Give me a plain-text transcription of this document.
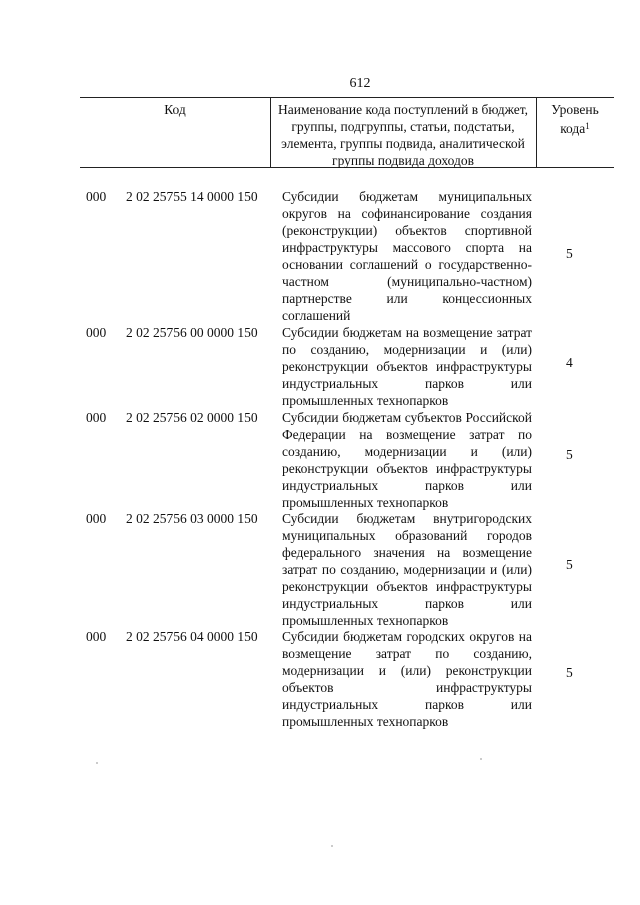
612
Код	Наименование кода поступлений в бюджет, группы, подгруппы, статьи, подстатьи, элемента, группы подвида, аналитической группы подвида доходов
Уровень кода$^1$
000 2 02 25755 14 0000 150 Субсидии бюджетам муниципальных округов на софинансирование создания (реконструкции) объектов спортивной инфраструктуры массового спорта на основании соглашений о государственно-частном (муниципально-частном) партнерстве или концессионных соглашений
5
000 2 02 25756 00 0000 150 Субсидии бюджетам на возмещение затрат по созданию, модернизации и (или) реконструкции объектов инфраструктуры индустриальных парков или промышленных технопарков
4
000 2 02 25756 02 0000 150 Субсидии бюджетам субъектов Российской Федерации на возмещение затрат по созданию, модернизации и (или) реконструкции объектов инфраструктуры индустриальных парков или промышленных технопарков
5
000 2 02 25756 03 0000 150 Субсидии бюджетам внутригородских муниципальных образований городов федерального значения на возмещение затрат по созданию, модернизации и (или) реконструкции объектов инфраструктуры индустриальных парков или промышленных технопарков
5
000 2 02 25756 04 0000 150 Субсидии бюджетам городских округов на возмещение затрат по созданию, модернизации и (или) реконструкции объектов инфраструктуры индустриальных парков или промышленных технопарков
5
